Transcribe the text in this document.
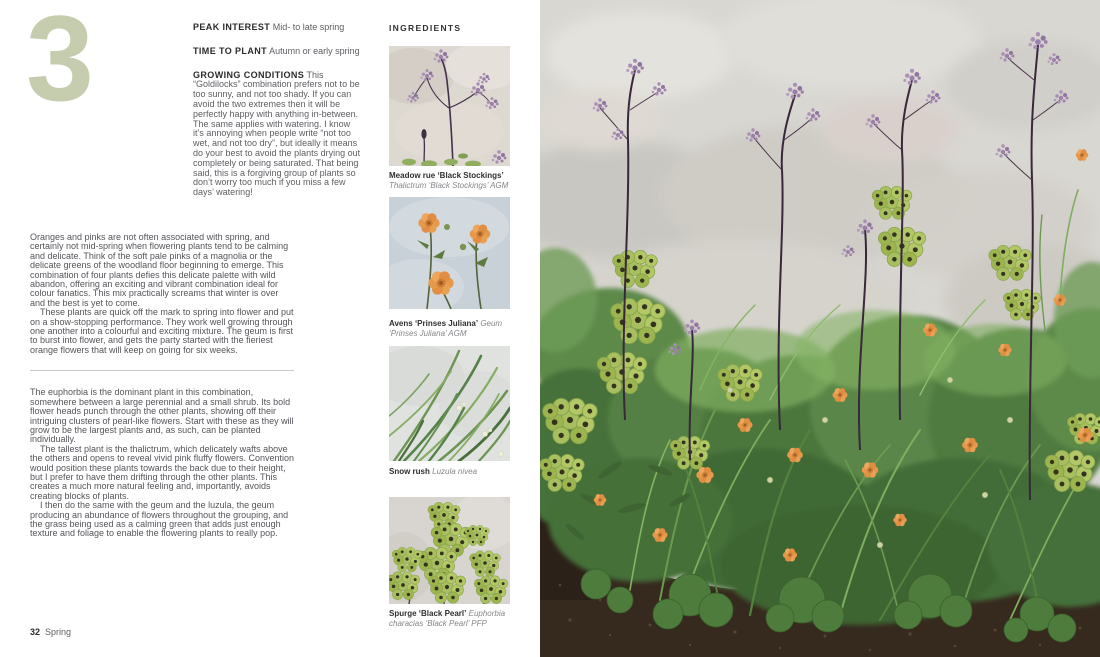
3	PEAK INTEREST Mid- to late spring

TIME TO PLANT Autumn or early spring

GROWING CONDITIONS This “Goldilocks” combination prefers not to be too sunny, and not too shady. If you can avoid the two extremes then it will be perfectly happy with anything in-between. The same applies with watering. I know it’s annoying when people write “not too wet, and not too dry”, but ideally it means do your best to avoid the plants drying out completely or being saturated. That being said, this is a forgiving group of plants so don’t worry too much if you miss a few days’ watering!

Oranges and pinks are not often associated with spring, and certainly not mid-spring when flowering plants tend to be calming and delicate. Think of the soft pale pinks of a magnolia or the delicate greens of the woodland floor beginning to emerge. This combination of four plants defies this delicate palette with wild abandon, offering an exciting and vibrant combination ideal for colour fanatics. This mix practically screams that winter is over and the best is yet to come.

These plants are quick off the mark to spring into flower and put on a show-stopping performance. They work well growing through one another into a colourful and exciting mixture. The geum is first to burst into flower, and gets the party started with the fieriest orange flowers that will keep on going for six weeks.

The euphorbia is the dominant plant in this combination, somewhere between a large perennial and a small shrub. Its bold flower heads punch through the other plants, showing off their intriguing clusters of pearl-like flowers. Start with these as they will grow to be the largest plants and, as such, can be planted individually.

The tallest plant is the thalictrum, which delicately wafts above the others and opens to reveal vivid pink fluffy flowers. Convention would position these plants towards the back due to their height, but I prefer to have them drifting through the other plants. This creates a much more natural feeling and, importantly, avoids creating blocks of plants.

I then do the same with the geum and the luzula, the geum producing an abundance of flowers throughout the grouping, and the grass being used as a calming green that adds just enough texture and foliage to enable the flowering plants to really pop.

32 Spring
INGREDIENTS
Meadow rue ‘Black Stockings’ Thalictrum ‘Black Stockings’ AGM
Avens ‘Prinses Juliana’ Geum ‘Prinses Juliana’ AGM
Snow rush Luzula nivea
Spurge ‘Black Pearl’ Euphorbia characias ‘Black Pearl’ PFP
